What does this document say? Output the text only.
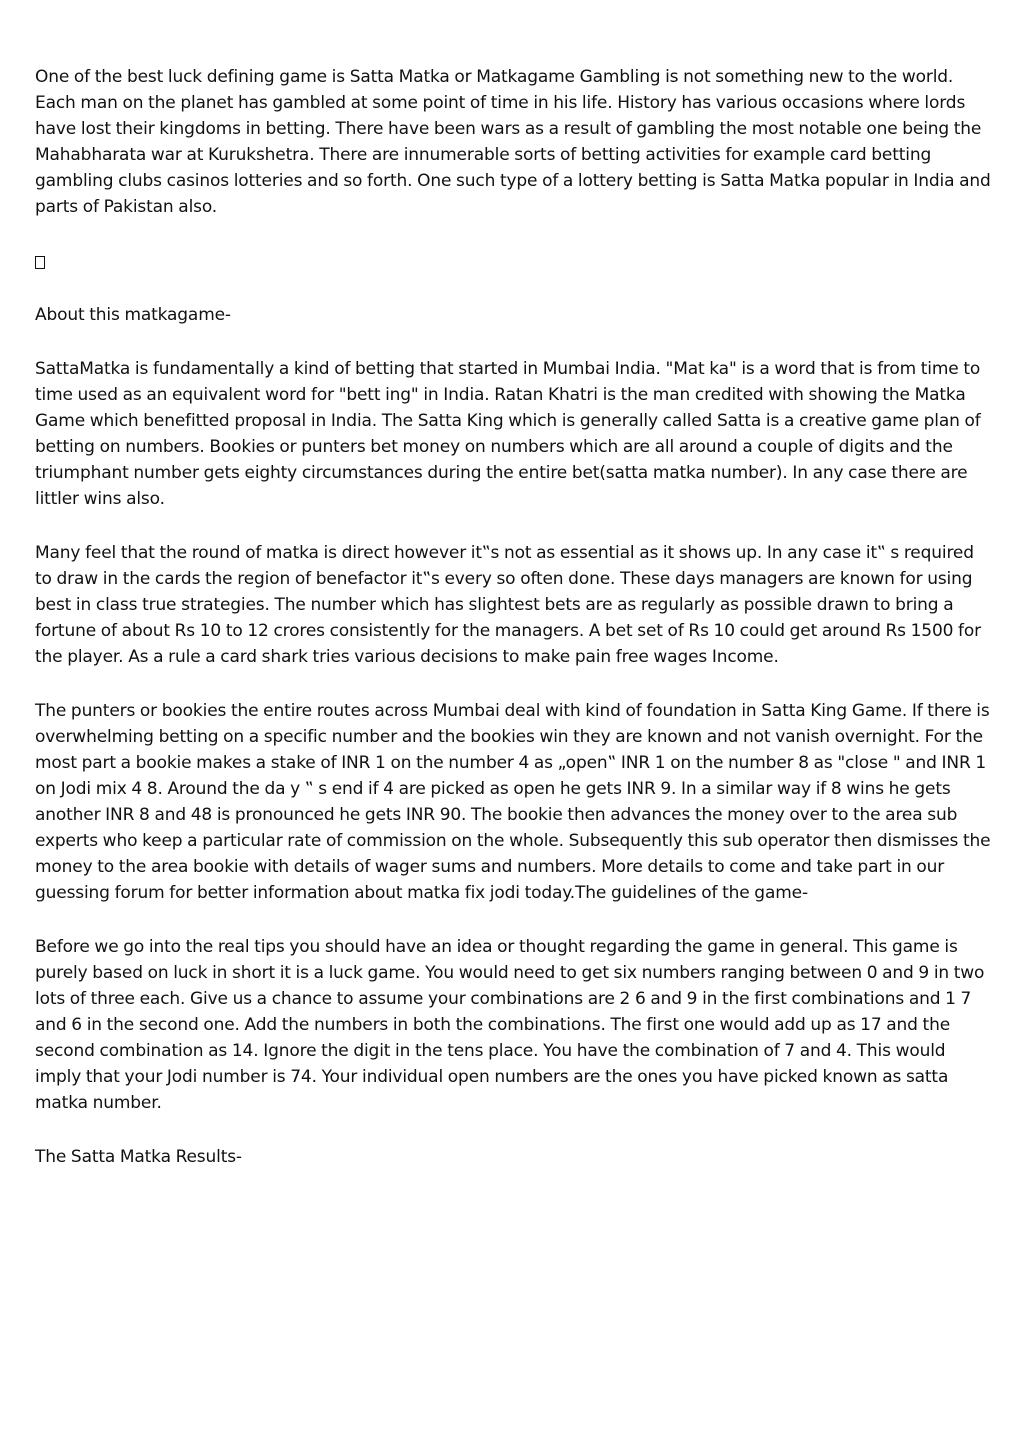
One of the best luck defining game is Satta Matka or Matkagame Gambling is not something new to the world. Each man on the planet has gambled at some point of time in his life. History has various occasions where lords have lost their kingdoms in betting. There have been wars as a result of gambling the most notable one being the Mahabharata war at Kurukshetra. There are innumerable sorts of betting activities for example card betting gambling clubs casinos lotteries and so forth. One such type of a lottery betting is Satta Matka popular in India and parts of Pakistan also.

About this matkagame-

SattaMatka is fundamentally a kind of betting that started in Mumbai India. "Mat ka" is a word that is from time to time used as an equivalent word for "bett ing" in India. Ratan Khatri is the man credited with showing the Matka Game which benefitted proposal in India. The Satta King which is generally called Satta is a creative game plan of betting on numbers. Bookies or punters bet money on numbers which are all around a couple of digits and the triumphant number gets eighty circumstances during the entire bet(satta matka number). In any case there are littler wins also.

Many feel that the round of matka is direct however it‟s not as essential as it shows up. In any case it‟ s required to draw in the cards the region of benefactor it‟s every so often done. These days managers are known for using best in class true strategies. The number which has slightest bets are as regularly as possible drawn to bring a fortune of about Rs 10 to 12 crores consistently for the managers. A bet set of Rs 10 could get around Rs 1500 for the player. As a rule a card shark tries various decisions to make pain free wages Income.

The punters or bookies the entire routes across Mumbai deal with kind of foundation in Satta King Game. If there is overwhelming betting on a specific number and the bookies win they are known and not vanish overnight. For the most part a bookie makes a stake of INR 1 on the number 4 as „open‟ INR 1 on the number 8 as "close " and INR 1 on Jodi mix 4 8. Around the da y ‟ s end if 4 are picked as open he gets INR 9. In a similar way if 8 wins he gets another INR 8 and 48 is pronounced he gets INR 90. The bookie then advances the money over to the area sub experts who keep a particular rate of commission on the whole. Subsequently this sub operator then dismisses the money to the area bookie with details of wager sums and numbers. More details to come and take part in our guessing forum for better information about matka fix jodi today.The guidelines of the game-

Before we go into the real tips you should have an idea or thought regarding the game in general. This game is purely based on luck in short it is a luck game. You would need to get six numbers ranging between 0 and 9 in two lots of three each. Give us a chance to assume your combinations are 2 6 and 9 in the first combinations and 1 7 and 6 in the second one. Add the numbers in both the combinations. The first one would add up as 17 and the second combination as 14. Ignore the digit in the tens place. You have the combination of 7 and 4. This would imply that your Jodi number is 74. Your individual open numbers are the ones you have picked known as satta matka number.

The Satta Matka Results-
